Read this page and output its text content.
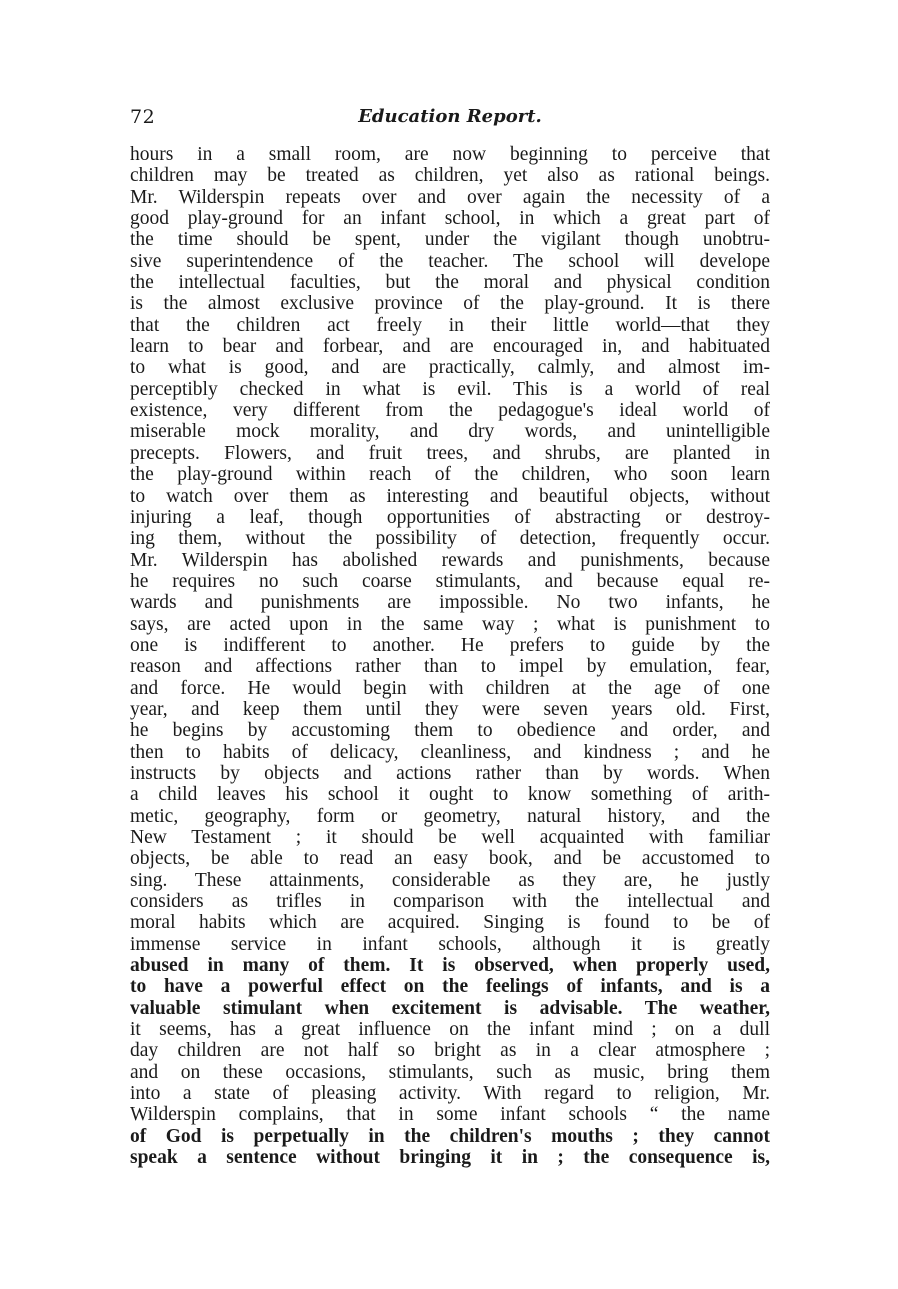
72	Education Report.
hours in a small room, are now beginning to perceive that
children may be treated as children, yet also as rational beings.
Mr. Wilderspin repeats over and over again the necessity of a
good play-ground for an infant school, in which a great part of
the time should be spent, under the vigilant though unobtru-
sive superintendence of the teacher. The school will develope
the intellectual faculties, but the moral and physical condition
is the almost exclusive province of the play-ground. It is there
that the children act freely in their little world—that they
learn to bear and forbear, and are encouraged in, and habituated
to what is good, and are practically, calmly, and almost im-
perceptibly checked in what is evil. This is a world of real
existence, very different from the pedagogue's ideal world of
miserable mock morality, and dry words, and unintelligible
precepts. Flowers, and fruit trees, and shrubs, are planted in
the play-ground within reach of the children, who soon learn
to watch over them as interesting and beautiful objects, without
injuring a leaf, though opportunities of abstracting or destroy-
ing them, without the possibility of detection, frequently occur.
Mr. Wilderspin has abolished rewards and punishments, because
he requires no such coarse stimulants, and because equal re-
wards and punishments are impossible. No two infants, he
says, are acted upon in the same way ; what is punishment to
one is indifferent to another. He prefers to guide by the
reason and affections rather than to impel by emulation, fear,
and force. He would begin with children at the age of one
year, and keep them until they were seven years old. First,
he begins by accustoming them to obedience and order, and
then to habits of delicacy, cleanliness, and kindness ; and he
instructs by objects and actions rather than by words. When
a child leaves his school it ought to know something of arith-
metic, geography, form or geometry, natural history, and the
New Testament ; it should be well acquainted with familiar
objects, be able to read an easy book, and be accustomed to
sing. These attainments, considerable as they are, he justly
considers as trifles in comparison with the intellectual and
moral habits which are acquired. Singing is found to be of
immense service in infant schools, although it is greatly
abused in many of them. It is observed, when properly used,
to have a powerful effect on the feelings of infants, and is a
valuable stimulant when excitement is advisable. The weather,
it seems, has a great influence on the infant mind ; on a dull
day children are not half so bright as in a clear atmosphere ;
and on these occasions, stimulants, such as music, bring them
into a state of pleasing activity. With regard to religion, Mr.
Wilderspin complains, that in some infant schools “ the name
of God is perpetually in the children's mouths ; they cannot
speak a sentence without bringing it in ; the consequence is,
